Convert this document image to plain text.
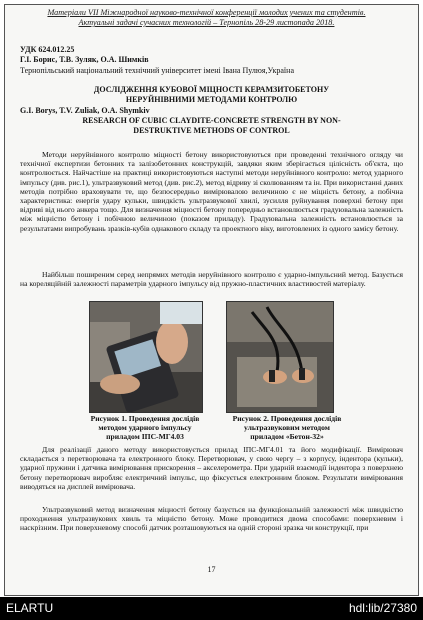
Матеріали VII Міжнародної науково-технічної конференції молодих учених та студентів.
Актуальні задачі сучасних технологій – Тернопіль 28-29 листопада 2018.
УДК 624.012.25
Г.І. Борис, Т.В. Зуляк, О.А. Шимків
Тернопільський національний технічний університет імені Івана Пулюя,Україна
ДОСЛІДЖЕННЯ КУБОВОЇ МІЦНОСТІ КЕРАМЗИТОБЕТОНУ
НЕРУЙНІВНИМИ МЕТОДАМИ КОНТРОЛЮ
G.I. Borys, T.V. Zuliak, O.A. Shymkiv
RESEARCH OF CUBIC CLAYDITE-CONCRETE STRENGTH BY NON-
DESTRUKTIVE METHODS OF CONTROL
Методи неруйнівного контролю міцності бетону використовуються при проведенні технічного огляду чи технічної експертизи бетонних та залізобетонних конструкцій, завдяки яким зберігається цілісність об'єкта, що контролюється. Найчастіше на практиці використовуються наступні методи неруйнівного контролю: метод ударного імпульсу (див. рис.1), ультразвуковий метод (див. рис.2), метод відриву зі сколюванням та ін. При використанні даних методів потрібно враховувати те, що безпосередньо вимірювалою величиною є не міцність бетону, а побічна характеристика: енергія удару кульки, швидкість ультразвукової хвилі, зусилля руйнування поверхні бетону при відриві від нього анкера тощо. Для визначення міцності бетону попередньо встановлюється градуювальна залежність між міцністю бетону і побічною величиною (показом приладу). Градуювальна залежність встановлюється за результатами випробувань зразків-кубів однакового складу та проектного віку, виготовлених із одного замісу бетону.
Найбільш поширеним серед непрямих методів неруйнівного контролю є ударно-імпульсний метод. Базується на кореляційній залежності параметрів ударного імпульсу від пружно-пластичних властивостей матеріалу.
Рисунок 1. Проведення дослідів
методом ударного імпульсу
приладом ІПС-МГ4.03
Рисунок 2. Проведення дослідів
ультразвуковим методом
приладом «Бетон-32»
Для реалізації даного методу використовується прилад ІПС-МГ4.01 та його модифікації. Вимірювач складається з перетворювача та електронного блоку. Перетворювач, у свою чергу – з корпусу, індентора (кульки), ударної пружини і датчика вимірювання прискорення – акселерометра. При ударній взаємодії індентора з поверхнею бетону перетворювач виробляє електричний імпульс, що фіксується електронним блоком. Результати вимірювання виводяться на дисплей вимірювача.
Ультразвуковий метод визначення міцності бетону базується на функціональній залежності між швидкістю проходження ультразвукових хвиль та міцністю бетону. Може проводитися двома способами: поверхневим і наскрізним. При поверхневому способі датчик розташовуються на одній стороні зразка чи конструкції, при
17
ELARTU	hdl:lib/27380
